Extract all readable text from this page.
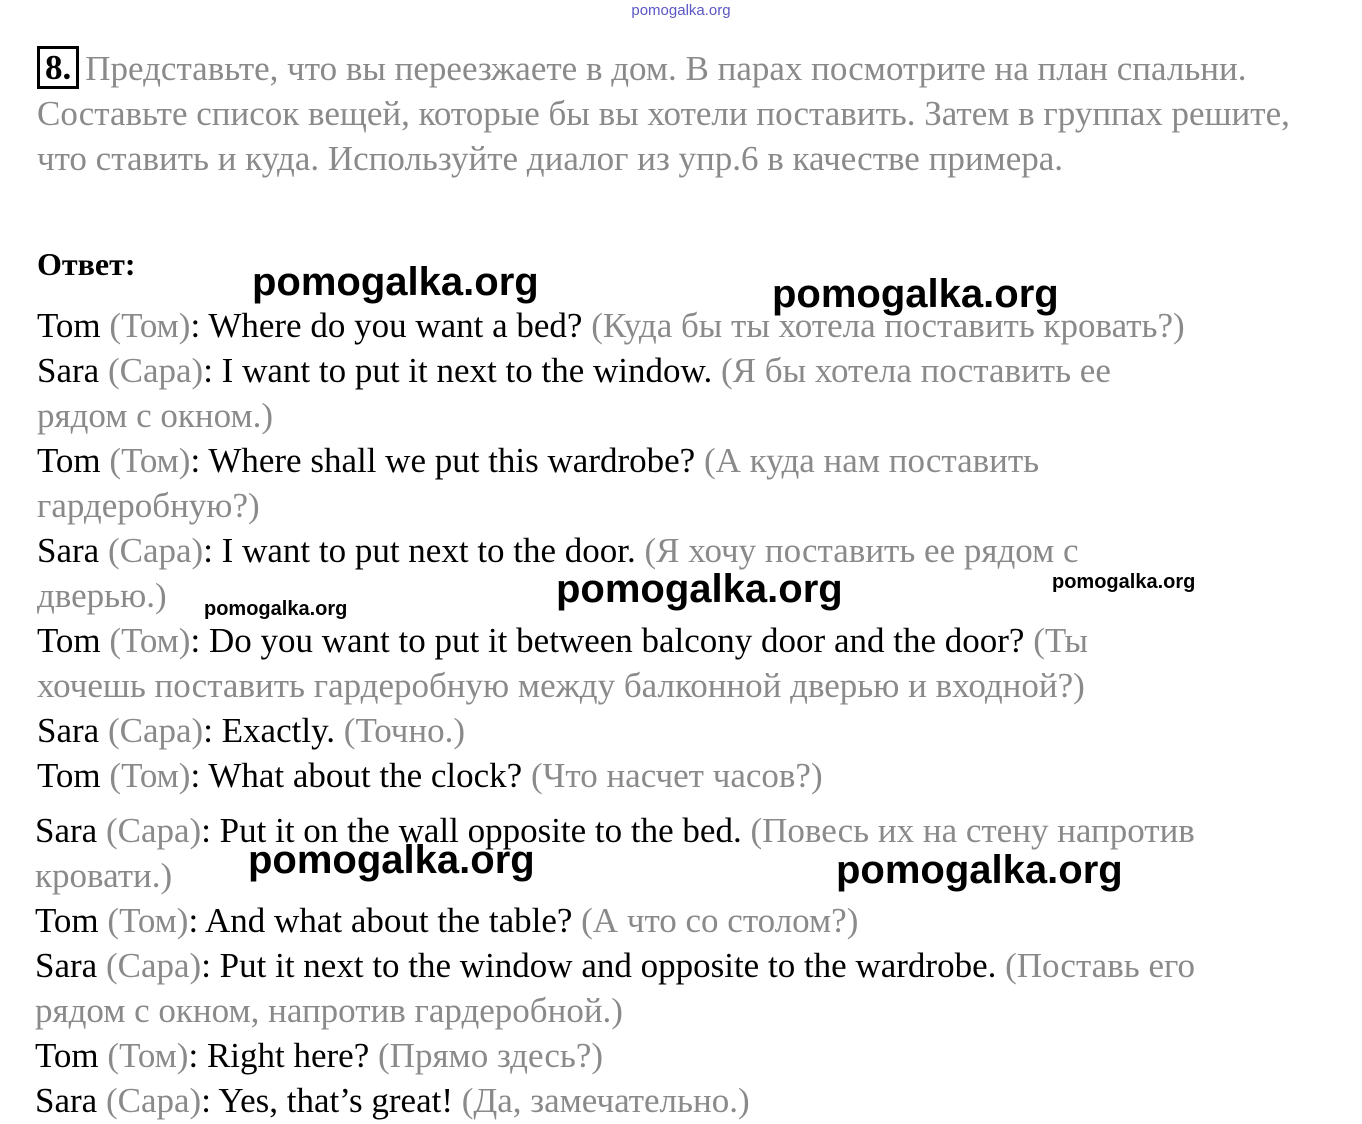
pomogalka.org
8. Представьте, что вы переезжаете в дом. В парах посмотрите на план спальни. Составьте список вещей, которые бы вы хотели поставить. Затем в группах решите, что ставить и куда. Используйте диалог из упр.6 в качестве примера.
Ответ:
Tom (Том): Where do you want a bed? (Куда бы ты хотела поставить кровать?)
Sara (Сара): I want to put it next to the window. (Я бы хотела поставить ее
рядом с окном.)
Tom (Том): Where shall we put this wardrobe? (А куда нам поставить
гардеробную?)
Sara (Сара): I want to put next to the door. (Я хочу поставить ее рядом с
дверью.)
Tom (Том): Do you want to put it between balcony door and the door? (Ты
хочешь поставить гардеробную между балконной дверью и входной?)
Sara (Сара): Exactly. (Точно.)
Tom (Том): What about the clock? (Что насчет часов?)
Sara (Сара): Put it on the wall opposite to the bed. (Повесь их на стену напротив
кровати.)
Tom (Том): And what about the table? (А что со столом?)
Sara (Сара): Put it next to the window and opposite to the wardrobe. (Поставь его
рядом с окном, напротив гардеробной.)
Tom (Том): Right here? (Прямо здесь?)
Sara (Сара): Yes, that’s great! (Да, замечательно.)
pomogalka.org	pomogalka.org
pomogalka.org	pomogalka.org
pomogalka.org
pomogalka.org	pomogalka.org
